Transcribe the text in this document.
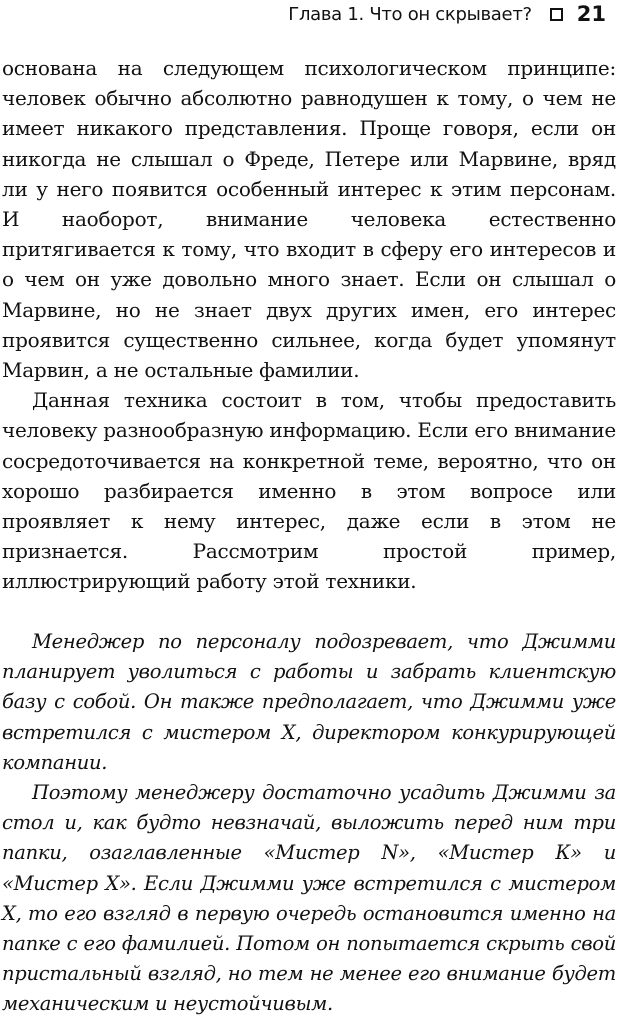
Глава 1. Что он скрывает? 21

основана на следующем психологическом принципе: человек обычно абсолютно равнодушен к тому, о чем не имеет никакого представления. Проще говоря, если он никогда не слышал о Фреде, Петере или Марвине, вряд ли у него появится особенный интерес к этим персонам. И наоборот, внимание человека естественно притягивается к тому, что входит в сферу его интересов и о чем он уже довольно много знает. Если он слышал о Марвине, но не знает двух других имен, его интерес проявится существенно сильнее, когда будет упомянут Марвин, а не остальные фамилии.

Данная техника состоит в том, чтобы предоставить человеку разнообразную информацию. Если его внимание сосредоточивается на конкретной теме, вероятно, что он хорошо разбирается именно в этом вопросе или проявляет к нему интерес, даже если в этом не признается. Рассмотрим простой пример, иллюстрирующий работу этой техники.

Менеджер по персоналу подозревает, что Джимми планирует уволиться с работы и забрать клиентскую базу с собой. Он также предполагает, что Джимми уже встретился с мистером X, директором конкурирующей компании.

Поэтому менеджеру достаточно усадить Джимми за стол и, как будто невзначай, выложить перед ним три папки, озаглавленные «Мистер N», «Мистер К» и «Мистер X». Если Джимми уже встретился с мистером X, то его взгляд в первую очередь остановится именно на папке с его фамилией. Потом он попытается скрыть свой пристальный взгляд, но тем не менее его внимание будет механическим и неустойчивым.
